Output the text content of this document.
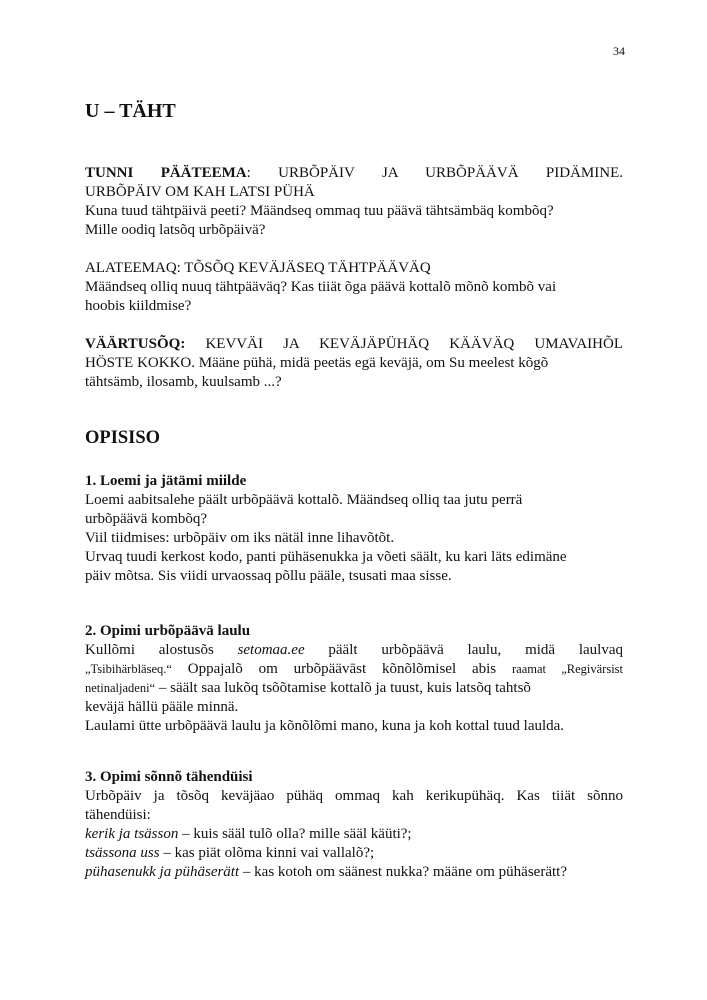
34
U – TÄHT

TUNNI PÄÄTEEMA: URBÕPÄIV JA URBÕPÄÄVÄ PIDÄMINE.

URBÕPÄIV OM KAH LATSI PÜHÄ

Kuna tuud tähtpäivä peeti? Määndseq ommaq tuu päävä tähtsämbäq kombõq?

Mille oodiq latsõq urbõpäivä?

ALATEEMAQ: TÕSÕQ KEVÄJÄSEQ TÄHTPÄÄVÄQ

Määndseq olliq nuuq tähtpääväq? Kas tiiät õga päävä kottalõ mõnõ kombõ vai

hoobis kiildmise?

VÄÄRTUSÕQ: KEVVÄI JA KEVÄJÄPÜHÄQ KÄÄVÄQ UMAVAIHÕL

HÖSTE KOKKO. Määne pühä, midä peetäs egä keväjä, om Su meelest kõgõ

tähtsämb, ilosamb, kuulsamb ...?

OPISISO

1. Loemi ja jätämi miilde

Loemi aabitsalehe päält urbõpäävä kottalõ. Määndseq olliq taa jutu perrä

urbõpäävä kombõq?

Viil tiidmises: urbõpäiv om iks nätäl inne lihavõtõt.

Urvaq tuudi kerkost kodo, panti pühäsenukka ja võeti säält, ku kari läts edimäne

päiv mõtsa. Sis viidi urvaossaq põllu pääle, tsusati maa sisse.

2. Opimi urbõpäävä laulu

Kullõmi alostusõs setomaa.ee päält urbõpäävä laulu, midä laulvaq

„Tsibihärbläseq.“ Oppajalõ om urbõpäävāst kõnõlõmisel abis raamat „Regivärsist

netinaljadeni“ – säält saa lukõq tsõõtamise kottalõ ja tuust, kuis latsõq tahtsõ

keväjä hällü pääle minnä.

Laulami ütte urbõpäävä laulu ja kõnõlõmi mano, kuna ja koh kottal tuud laulda.

3. Opimi sõnnõ tähendüisi

Urbõpäiv ja tõsõq keväjäao pühäq ommaq kah kerikupühäq. Kas tiiät sõnno

tähendüisi:

kerik ja tsässon – kuis sääl tulõ olla? mille sääl käüti?;

tsässona uss – kas piät olõma kinni vai vallalõ?;

pühasenukk ja pühäserätt – kas kotoh om säänest nukka? määne om pühäserätt?
